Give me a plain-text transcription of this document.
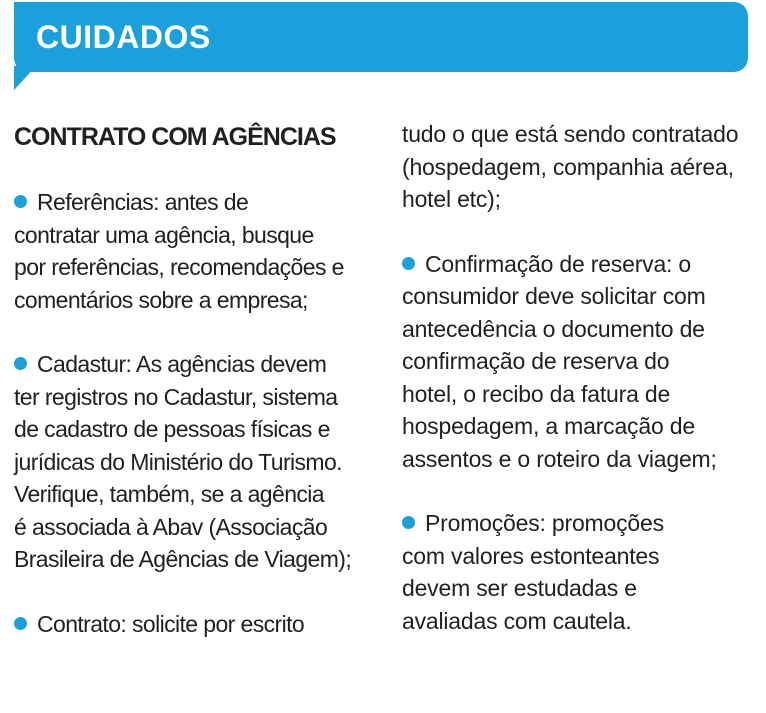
CUIDADOS
CONTRATO COM AGÊNCIAS
Referências: antes de
contratar uma agência, busque
por referências, recomendações e
comentários sobre a empresa;
Cadastur: As agências devem
ter registros no Cadastur, sistema
de cadastro de pessoas físicas e
jurídicas do Ministério do Turismo.
Verifique, também, se a agência
é associada à Abav (Associação
Brasileira de Agências de Viagem);
Contrato: solicite por escrito
tudo o que está sendo contratado
(hospedagem, companhia aérea,
hotel etc);
Confirmação de reserva: o
consumidor deve solicitar com
antecedência o documento de
confirmação de reserva do
hotel, o recibo da fatura de
hospedagem, a marcação de
assentos e o roteiro da viagem;
Promoções: promoções
com valores estonteantes
devem ser estudadas e
avaliadas com cautela.
